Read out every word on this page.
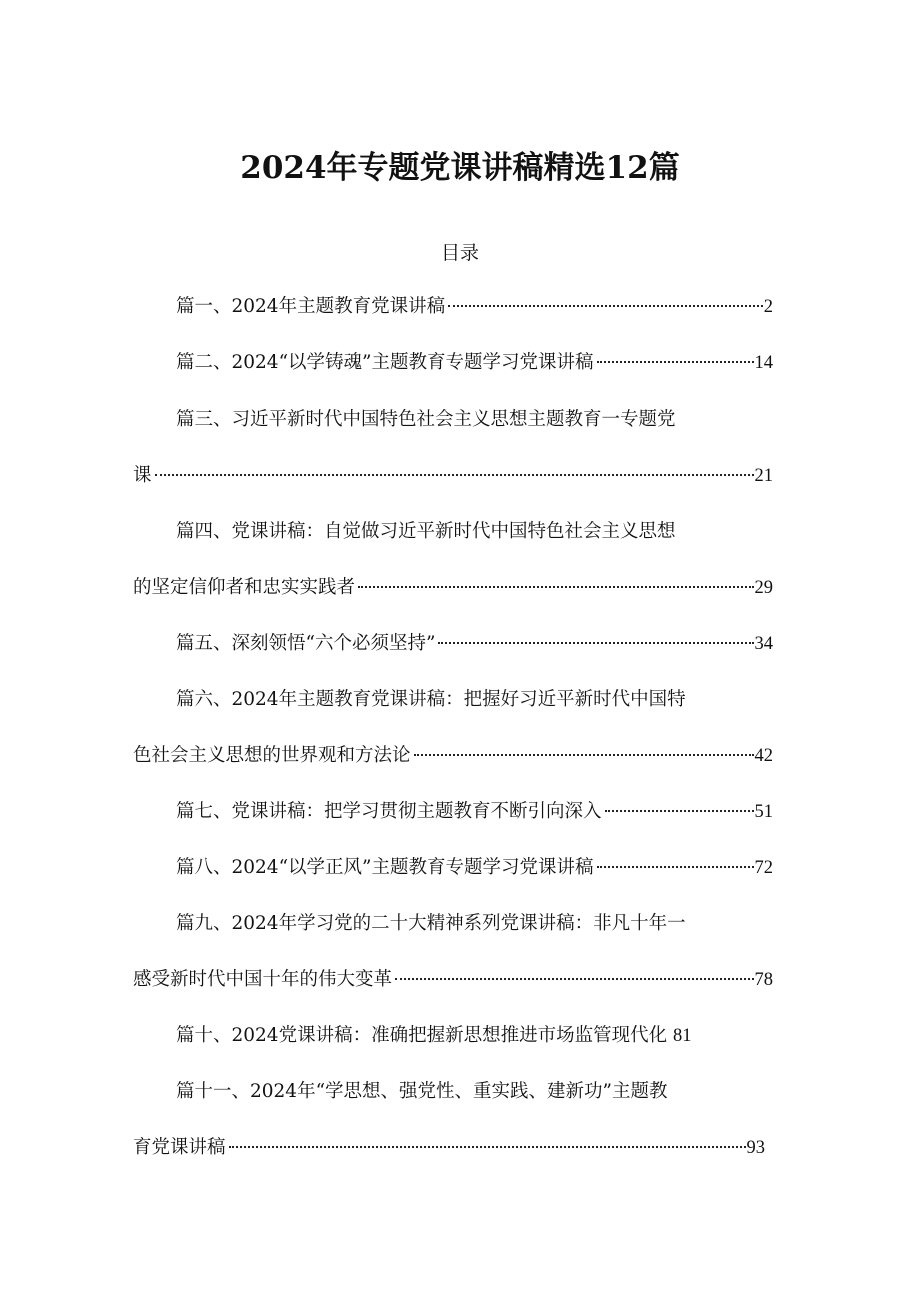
2024年专题党课讲稿精选12篇
目录
篇一、2024年主题教育党课讲稿	2
篇二、2024“以学铸魂”主题教育专题学习党课讲稿	14
篇三、习近平新时代中国特色社会主义思想主题教育一专题党
课	21
篇四、党课讲稿：自觉做习近平新时代中国特色社会主义思想
的坚定信仰者和忠实实践者	29
篇五、深刻领悟“六个必须坚持”	34
篇六、2024年主题教育党课讲稿：把握好习近平新时代中国特
色社会主义思想的世界观和方法论	42
篇七、党课讲稿：把学习贯彻主题教育不断引向深入	51
篇八、2024“以学正风”主题教育专题学习党课讲稿	72
篇九、2024年学习党的二十大精神系列党课讲稿：非凡十年一
感受新时代中国十年的伟大变革	78
篇十、2024党课讲稿：准确把握新思想推进市场监管现代化 81
篇十一、2024年“学思想、强党性、重实践、建新功”主题教
育党课讲稿	93
